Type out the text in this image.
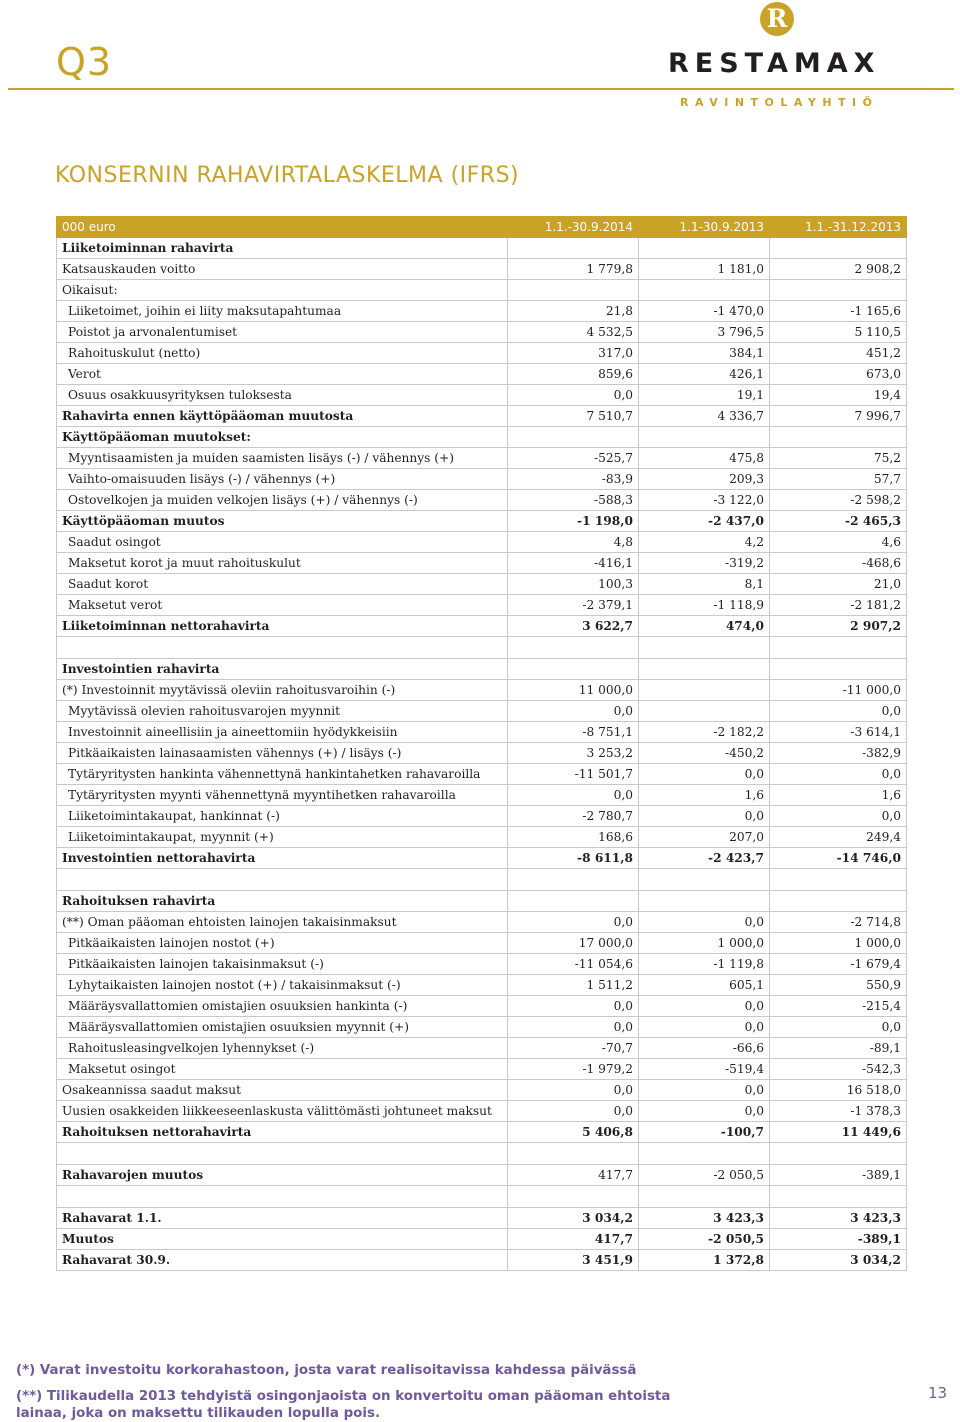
Q3
R
RESTAMAX
RAVINTOLAYHTIÖ
KONSERNIN RAHAVIRTALASKELMA (IFRS)
000 euro	1.1.-30.9.2014	1.1-30.9.2013	1.1.-31.12.2013
Liiketoiminnan rahavirta			
Katsauskauden voitto	1 779,8	1 181,0	2 908,2
Oikaisut:			
Liiketoimet, joihin ei liity maksutapahtumaa	21,8	-1 470,0	-1 165,6
Poistot ja arvonalentumiset	4 532,5	3 796,5	5 110,5
Rahoituskulut (netto)	317,0	384,1	451,2
Verot	859,6	426,1	673,0
Osuus osakkuusyrityksen tuloksesta	0,0	19,1	19,4
Rahavirta ennen käyttöpääoman muutosta	7 510,7	4 336,7	7 996,7
Käyttöpääoman muutokset:			
Myyntisaamisten ja muiden saamisten lisäys (-) / vähennys (+)	-525,7	475,8	75,2
Vaihto-omaisuuden lisäys (-) / vähennys (+)	-83,9	209,3	57,7
Ostovelkojen ja muiden velkojen lisäys (+) / vähennys (-)	-588,3	-3 122,0	-2 598,2
Käyttöpääoman muutos	-1 198,0	-2 437,0	-2 465,3
Saadut osingot	4,8	4,2	4,6
Maksetut korot ja muut rahoituskulut	-416,1	-319,2	-468,6
Saadut korot	100,3	8,1	21,0
Maksetut verot	-2 379,1	-1 118,9	-2 181,2
Liiketoiminnan nettorahavirta	3 622,7	474,0	2 907,2

Investointien rahavirta			
(*) Investoinnit myytävissä oleviin rahoitusvaroihin (-)	11 000,0		-11 000,0
Myytävissä olevien rahoitusvarojen myynnit	0,0		0,0
Investoinnit aineellisiin ja aineettomiin hyödykkeisiin	-8 751,1	-2 182,2	-3 614,1
Pitkäaikaisten lainasaamisten vähennys (+) / lisäys (-)	3 253,2	-450,2	-382,9
Tytäryritysten hankinta vähennettynä hankintahetken rahavaroilla	-11 501,7	0,0	0,0
Tytäryritysten myynti vähennettynä myyntihetken rahavaroilla	0,0	1,6	1,6
Liiketoimintakaupat, hankinnat (-)	-2 780,7	0,0	0,0
Liiketoimintakaupat, myynnit (+)	168,6	207,0	249,4
Investointien nettorahavirta	-8 611,8	-2 423,7	-14 746,0

Rahoituksen rahavirta			
(**) Oman pääoman ehtoisten lainojen takaisinmaksut	0,0	0,0	-2 714,8
Pitkäaikaisten lainojen nostot (+)	17 000,0	1 000,0	1 000,0
Pitkäaikaisten lainojen takaisinmaksut (-)	-11 054,6	-1 119,8	-1 679,4
Lyhytaikaisten lainojen nostot (+) / takaisinmaksut (-)	1 511,2	605,1	550,9
Määräysvallattomien omistajien osuuksien hankinta (-)	0,0	0,0	-215,4
Määräysvallattomien omistajien osuuksien myynnit (+)	0,0	0,0	0,0
Rahoitusleasingvelkojen lyhennykset (-)	-70,7	-66,6	-89,1
Maksetut osingot	-1 979,2	-519,4	-542,3
Osakeannissa saadut maksut	0,0	0,0	16 518,0
Uusien osakkeiden liikkeeseenlaskusta välittömästi johtuneet maksut	0,0	0,0	-1 378,3
Rahoituksen nettorahavirta	5 406,8	-100,7	11 449,6

Rahavarojen muutos	417,7	-2 050,5	-389,1

Rahavarat 1.1.	3 034,2	3 423,3	3 423,3
Muutos	417,7	-2 050,5	-389,1
Rahavarat 30.9.	3 451,9	1 372,8	3 034,2
(*) Varat investoitu korkorahastoon, josta varat realisoitavissa kahdessa päivässä
(**) Tilikaudella 2013 tehdyistä osingonjaoista on konvertoitu oman pääoman ehtoista lainaa, joka on maksettu tilikauden lopulla pois.
13
